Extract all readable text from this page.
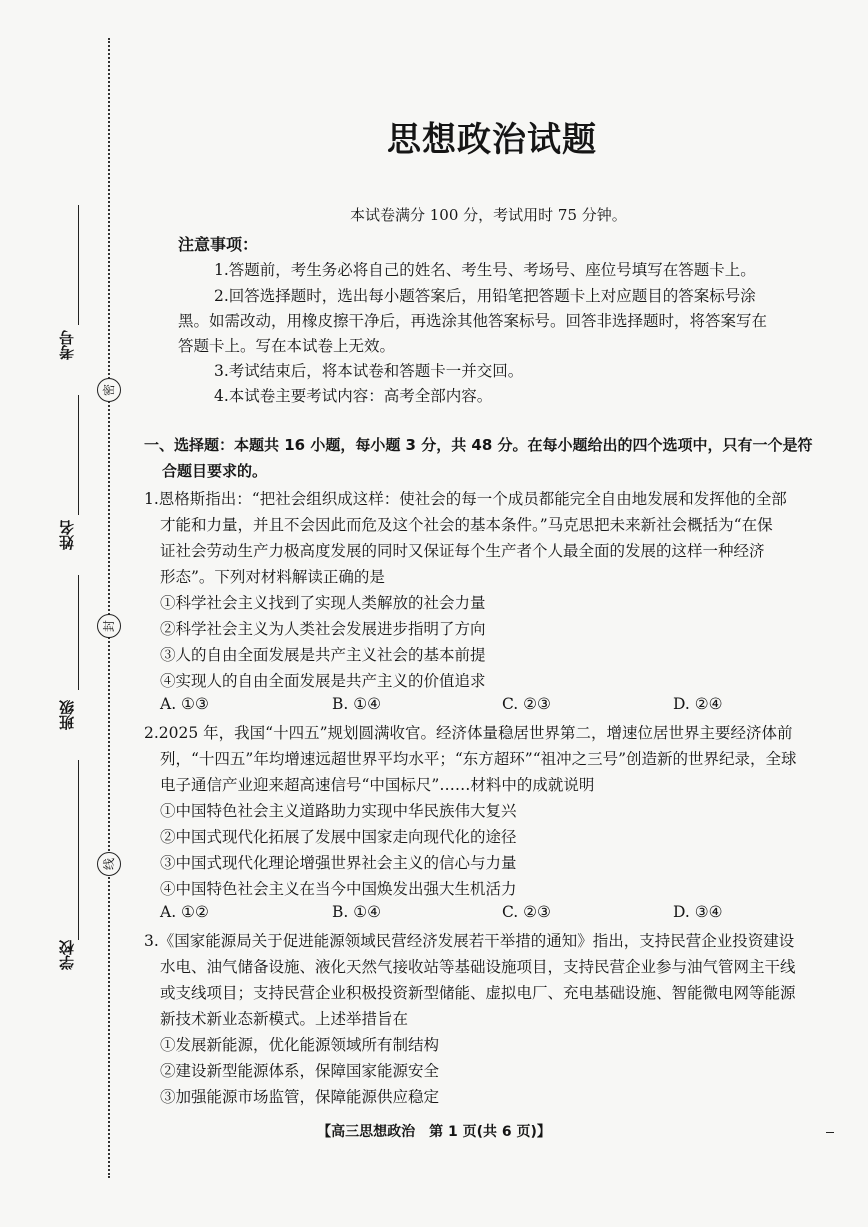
考号
姓名
班级
学校
密
封
线
思想政治试题
本试卷满分 100 分，考试用时 75 分钟。
注意事项：
1.答题前，考生务必将自己的姓名、考生号、考场号、座位号填写在答题卡上。
2.回答选择题时，选出每小题答案后，用铅笔把答题卡上对应题目的答案标号涂
黑。如需改动，用橡皮擦干净后，再选涂其他答案标号。回答非选择题时，将答案写在
答题卡上。写在本试卷上无效。
3.考试结束后，将本试卷和答题卡一并交回。
4.本试卷主要考试内容：高考全部内容。
一、选择题：本题共 16 小题，每小题 3 分，共 48 分。在每小题给出的四个选项中，只有一个是符
合题目要求的。
1.恩格斯指出：“把社会组织成这样：使社会的每一个成员都能完全自由地发展和发挥他的全部
才能和力量，并且不会因此而危及这个社会的基本条件。”马克思把未来新社会概括为“在保
证社会劳动生产力极高度发展的同时又保证每个生产者个人最全面的发展的这样一种经济
形态”。下列对材料解读正确的是
①科学社会主义找到了实现人类解放的社会力量
②科学社会主义为人类社会发展进步指明了方向
③人的自由全面发展是共产主义社会的基本前提
④实现人的自由全面发展是共产主义的价值追求
A. ①③	B. ①④	C. ②③	D. ②④
2.2025 年，我国“十四五”规划圆满收官。经济体量稳居世界第二，增速位居世界主要经济体前
列，“十四五”年均增速远超世界平均水平；“东方超环”“祖冲之三号”创造新的世界纪录，全球
电子通信产业迎来超高速信号“中国标尺”……材料中的成就说明
①中国特色社会主义道路助力实现中华民族伟大复兴
②中国式现代化拓展了发展中国家走向现代化的途径
③中国式现代化理论增强世界社会主义的信心与力量
④中国特色社会主义在当今中国焕发出强大生机活力
A. ①②	B. ①④	C. ②③	D. ③④
3.《国家能源局关于促进能源领域民营经济发展若干举措的通知》指出，支持民营企业投资建设
水电、油气储备设施、液化天然气接收站等基础设施项目，支持民营企业参与油气管网主干线
或支线项目；支持民营企业积极投资新型储能、虚拟电厂、充电基础设施、智能微电网等能源
新技术新业态新模式。上述举措旨在
①发展新能源，优化能源领域所有制结构
②建设新型能源体系，保障国家能源安全
③加强能源市场监管，保障能源供应稳定
【高三思想政治　第 1 页(共 6 页)】
